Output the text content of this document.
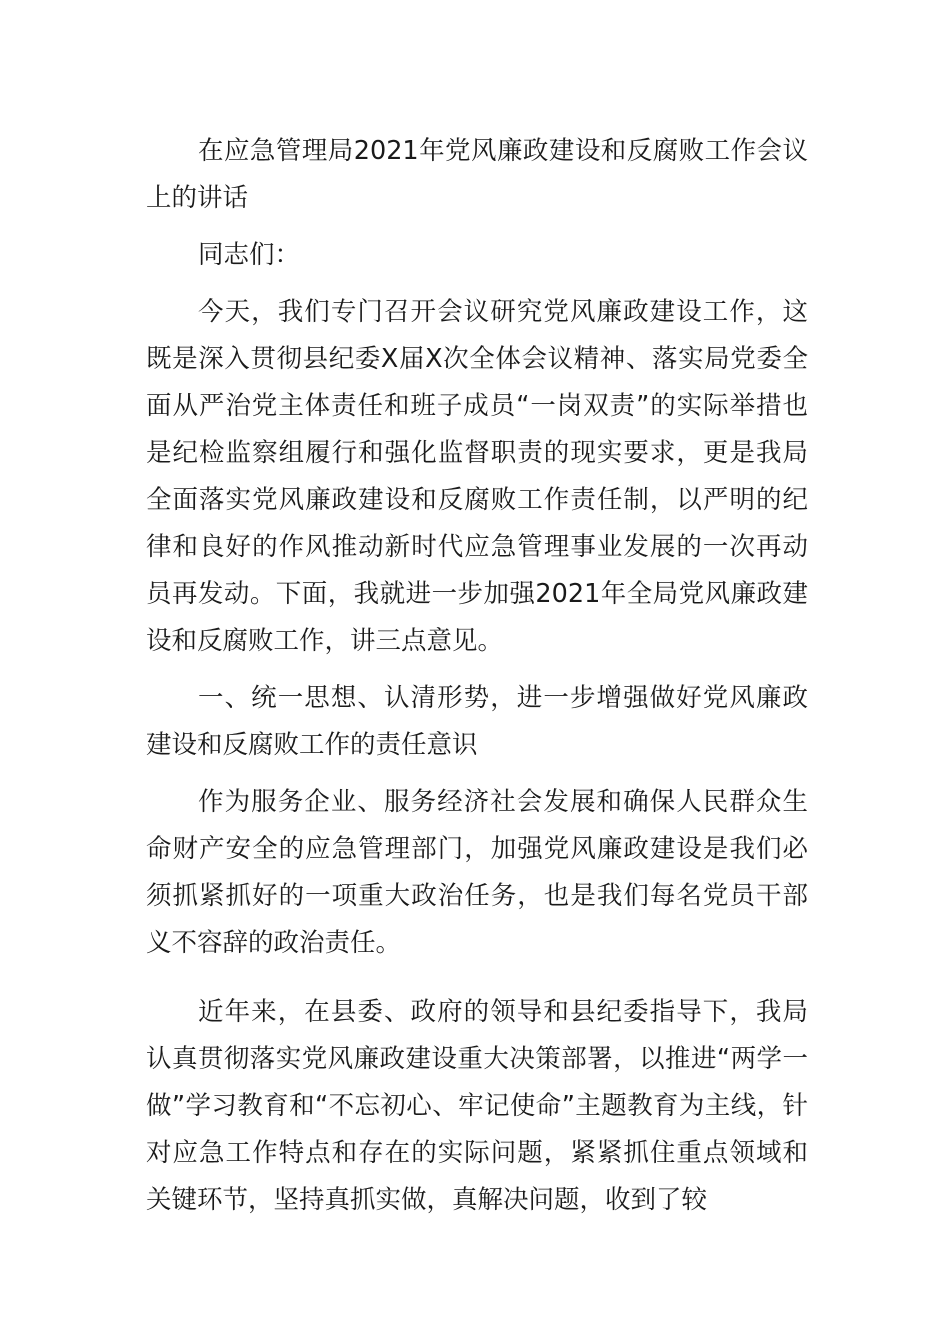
在应急管理局2021年党风廉政建设和反腐败工作会议上的讲话

同志们：

今天，我们专门召开会议研究党风廉政建设工作，这既是深入贯彻县纪委X届X次全体会议精神、落实局党委全面从严治党主体责任和班子成员“一岗双责”的实际举措也是纪检监察组履行和强化监督职责的现实要求，更是我局全面落实党风廉政建设和反腐败工作责任制，以严明的纪律和良好的作风推动新时代应急管理事业发展的一次再动员再发动。下面，我就进一步加强2021年全局党风廉政建设和反腐败工作，讲三点意见。

一、统一思想、认清形势，进一步增强做好党风廉政建设和反腐败工作的责任意识

作为服务企业、服务经济社会发展和确保人民群众生命财产安全的应急管理部门，加强党风廉政建设是我们必须抓紧抓好的一项重大政治任务，也是我们每名党员干部义不容辞的政治责任。

近年来，在县委、政府的领导和县纪委指导下，我局认真贯彻落实党风廉政建设重大决策部署，以推进“两学一做”学习教育和“不忘初心、牢记使命”主题教育为主线，针对应急工作特点和存在的实际问题，紧紧抓住重点领域和关键环节，坚持真抓实做，真解决问题，收到了较
